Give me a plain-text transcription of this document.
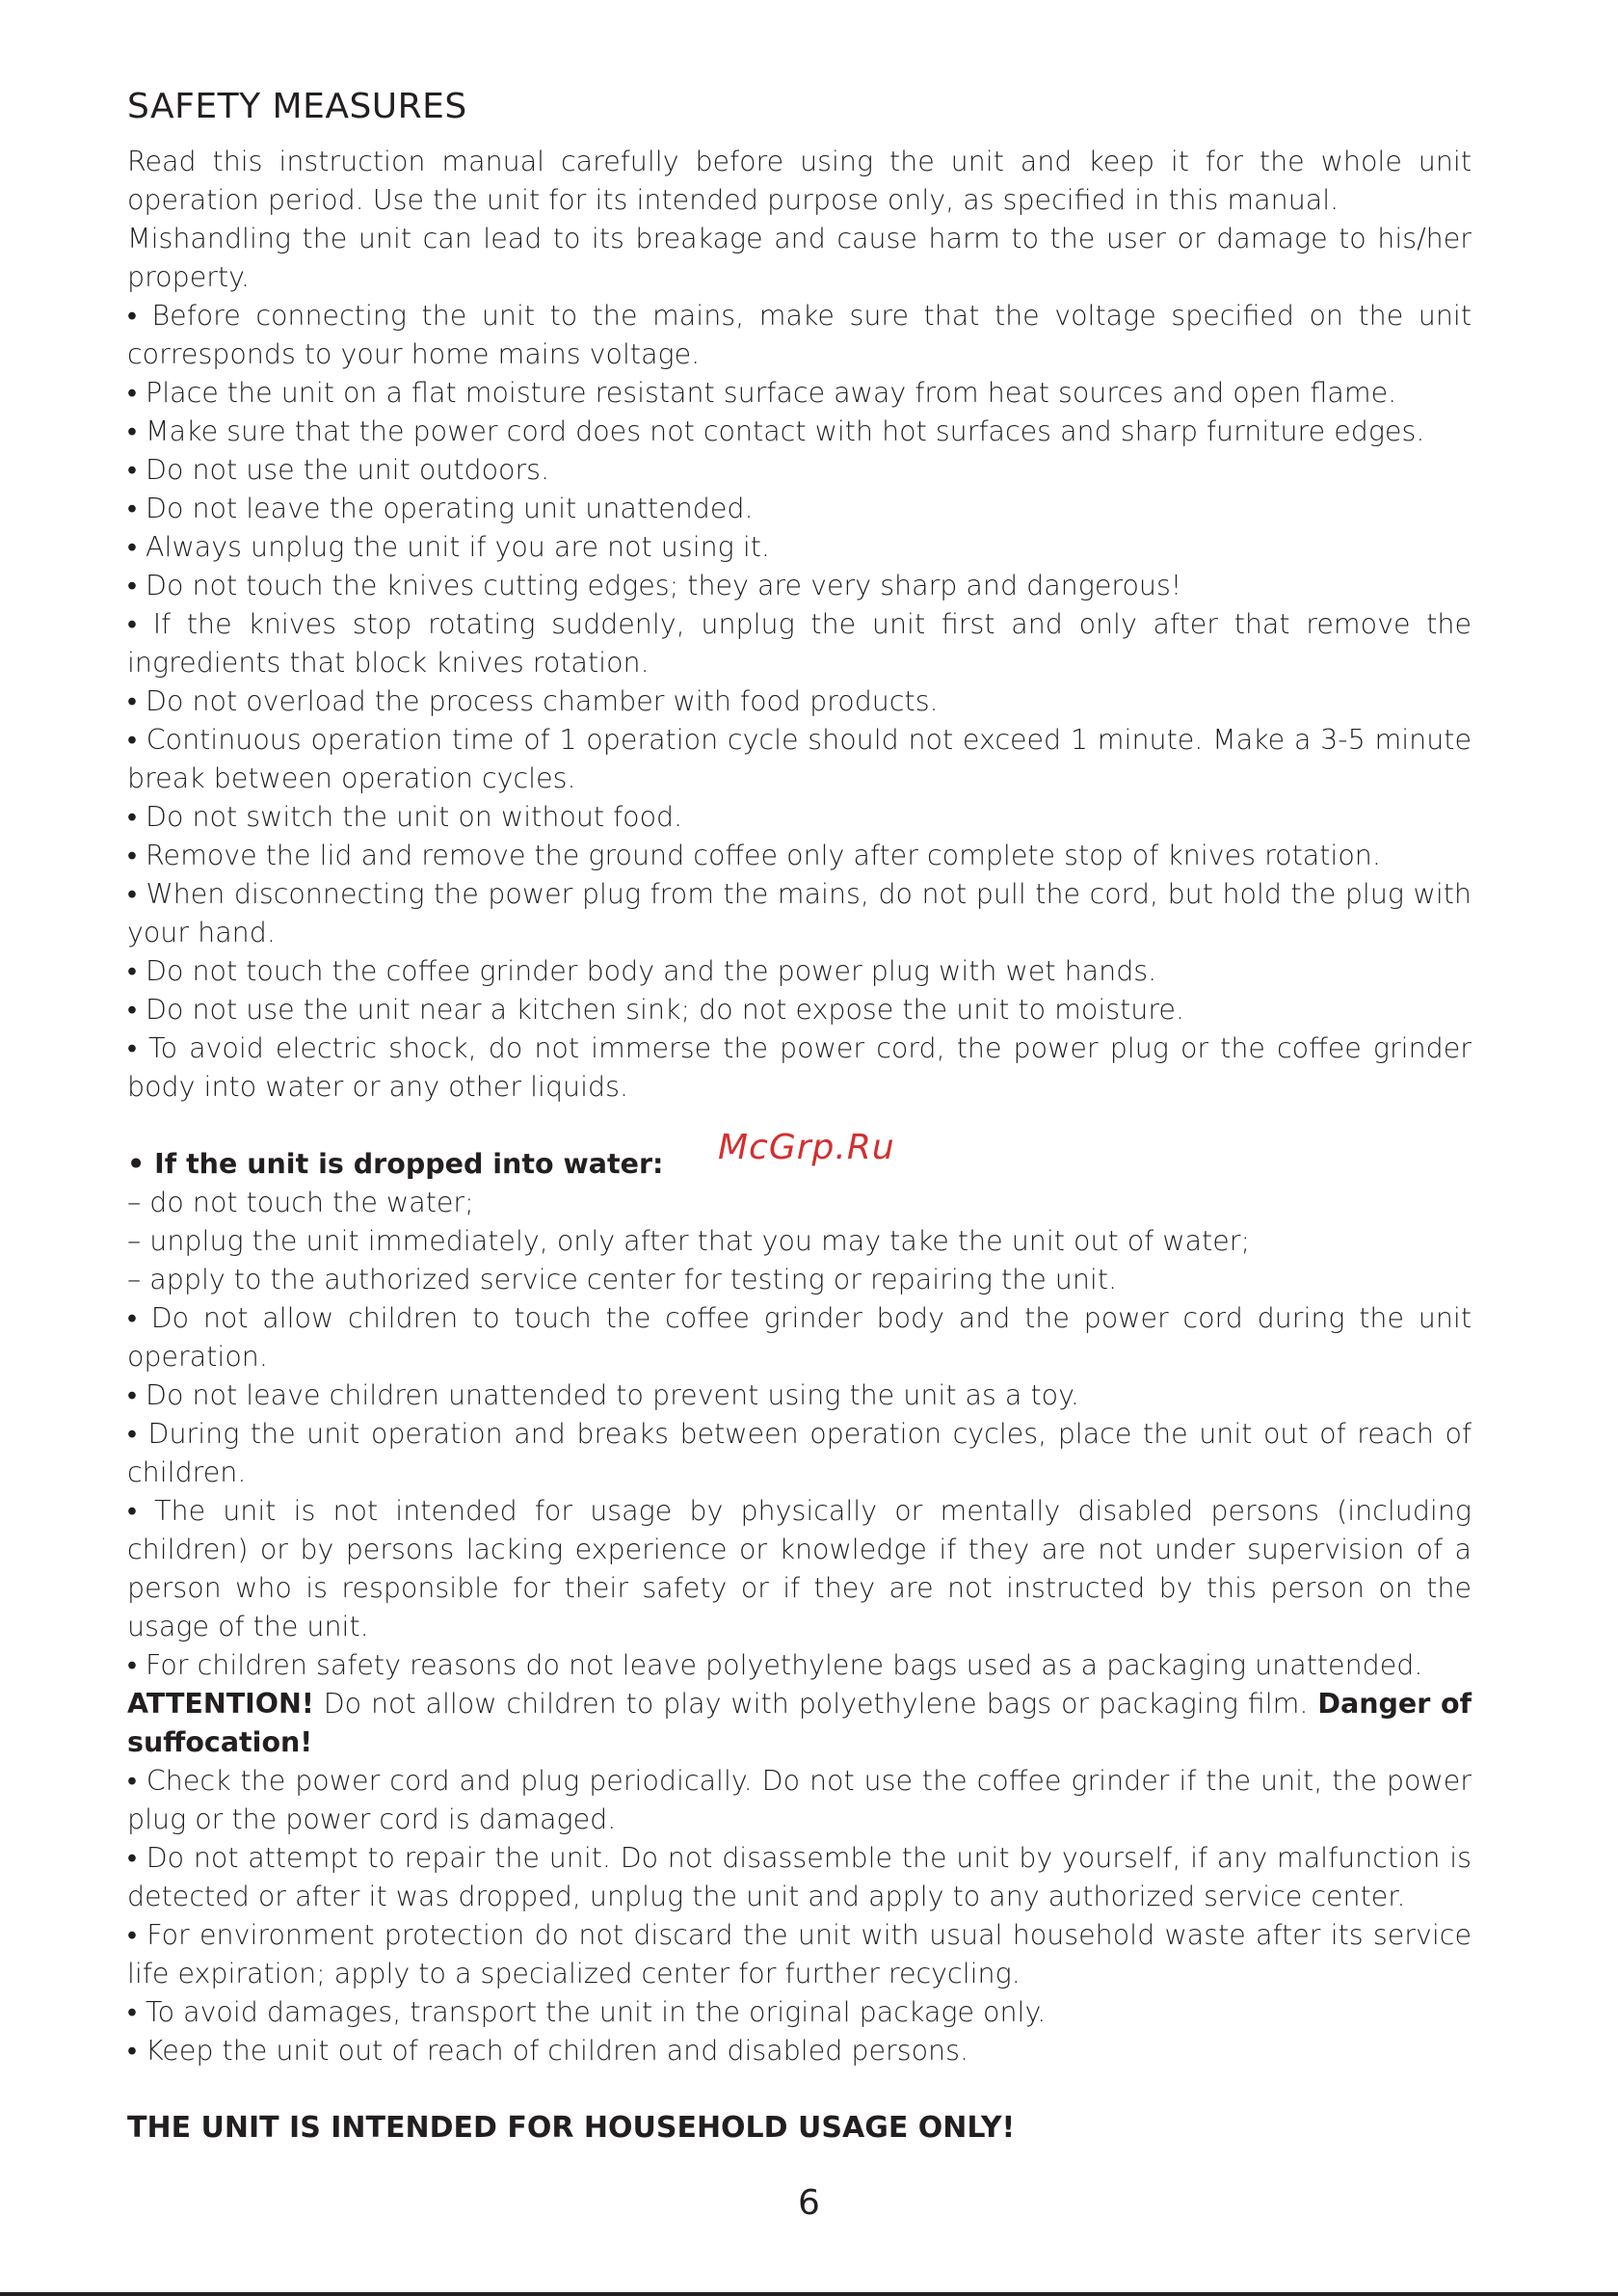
SAFETY MEASURES

Read this instruction manual carefully before using the unit and keep it for the whole unit operation period. Use the unit for its intended purpose only, as specified in this manual.

Mishandling the unit can lead to its breakage and cause harm to the user or damage to his/her property.

• Before connecting the unit to the mains, make sure that the voltage specified on the unit corresponds to your home mains voltage.

• Place the unit on a flat moisture resistant surface away from heat sources and open flame.

• Make sure that the power cord does not contact with hot surfaces and sharp furniture edges.

• Do not use the unit outdoors.

• Do not leave the operating unit unattended.

• Always unplug the unit if you are not using it.

• Do not touch the knives cutting edges; they are very sharp and dangerous!

• If the knives stop rotating suddenly, unplug the unit first and only after that remove the ingredients that block knives rotation.

• Do not overload the process chamber with food products.

• Continuous operation time of 1 operation cycle should not exceed 1 minute. Make a 3-5 minute break between operation cycles.

• Do not switch the unit on without food.

• Remove the lid and remove the ground coffee only after complete stop of knives rotation.

• When disconnecting the power plug from the mains, do not pull the cord, but hold the plug with your hand.

• Do not touch the coffee grinder body and the power plug with wet hands.

• Do not use the unit near a kitchen sink; do not expose the unit to moisture.

• To avoid electric shock, do not immerse the power cord, the power plug or the coffee grinder body into water or any other liquids.

• If the unit is dropped into water:

– do not touch the water;

– unplug the unit immediately, only after that you may take the unit out of water;

– apply to the authorized service center for testing or repairing the unit.

• Do not allow children to touch the coffee grinder body and the power cord during the unit operation.

• Do not leave children unattended to prevent using the unit as a toy.

• During the unit operation and breaks between operation cycles, place the unit out of reach of children.

• The unit is not intended for usage by physically or mentally disabled persons (including children) or by persons lacking experience or knowledge if they are not under supervision of a person who is responsible for their safety or if they are not instructed by this person on the usage of the unit.

• For children safety reasons do not leave polyethylene bags used as a packaging unattended.

ATTENTION! Do not allow children to play with polyethylene bags or packaging film. Danger of suffocation!

• Check the power cord and plug periodically. Do not use the coffee grinder if the unit, the power plug or the power cord is damaged.

• Do not attempt to repair the unit. Do not disassemble the unit by yourself, if any malfunction is detected or after it was dropped, unplug the unit and apply to any authorized service center.

• For environment protection do not discard the unit with usual household waste after its service life expiration; apply to a specialized center for further recycling.

• To avoid damages, transport the unit in the original package only.

• Keep the unit out of reach of children and disabled persons.

THE UNIT IS INTENDED FOR HOUSEHOLD USAGE ONLY!

McGrp.Ru
6
